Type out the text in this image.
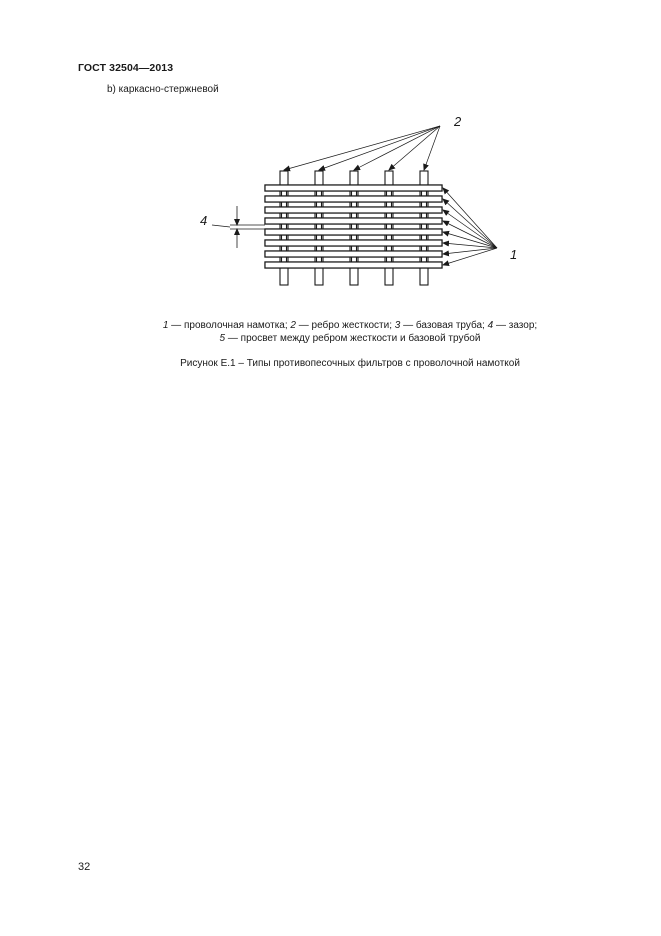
ГОСТ 32504—2013
b) каркасно-стержневой
2
1
4
1 — проволочная намотка; 2 — ребро жесткости; 3 — базовая труба; 4 — зазор;
5 — просвет между ребром жесткости и базовой трубой
Рисунок Е.1 – Типы противопесочных фильтров с проволочной намоткой
32
